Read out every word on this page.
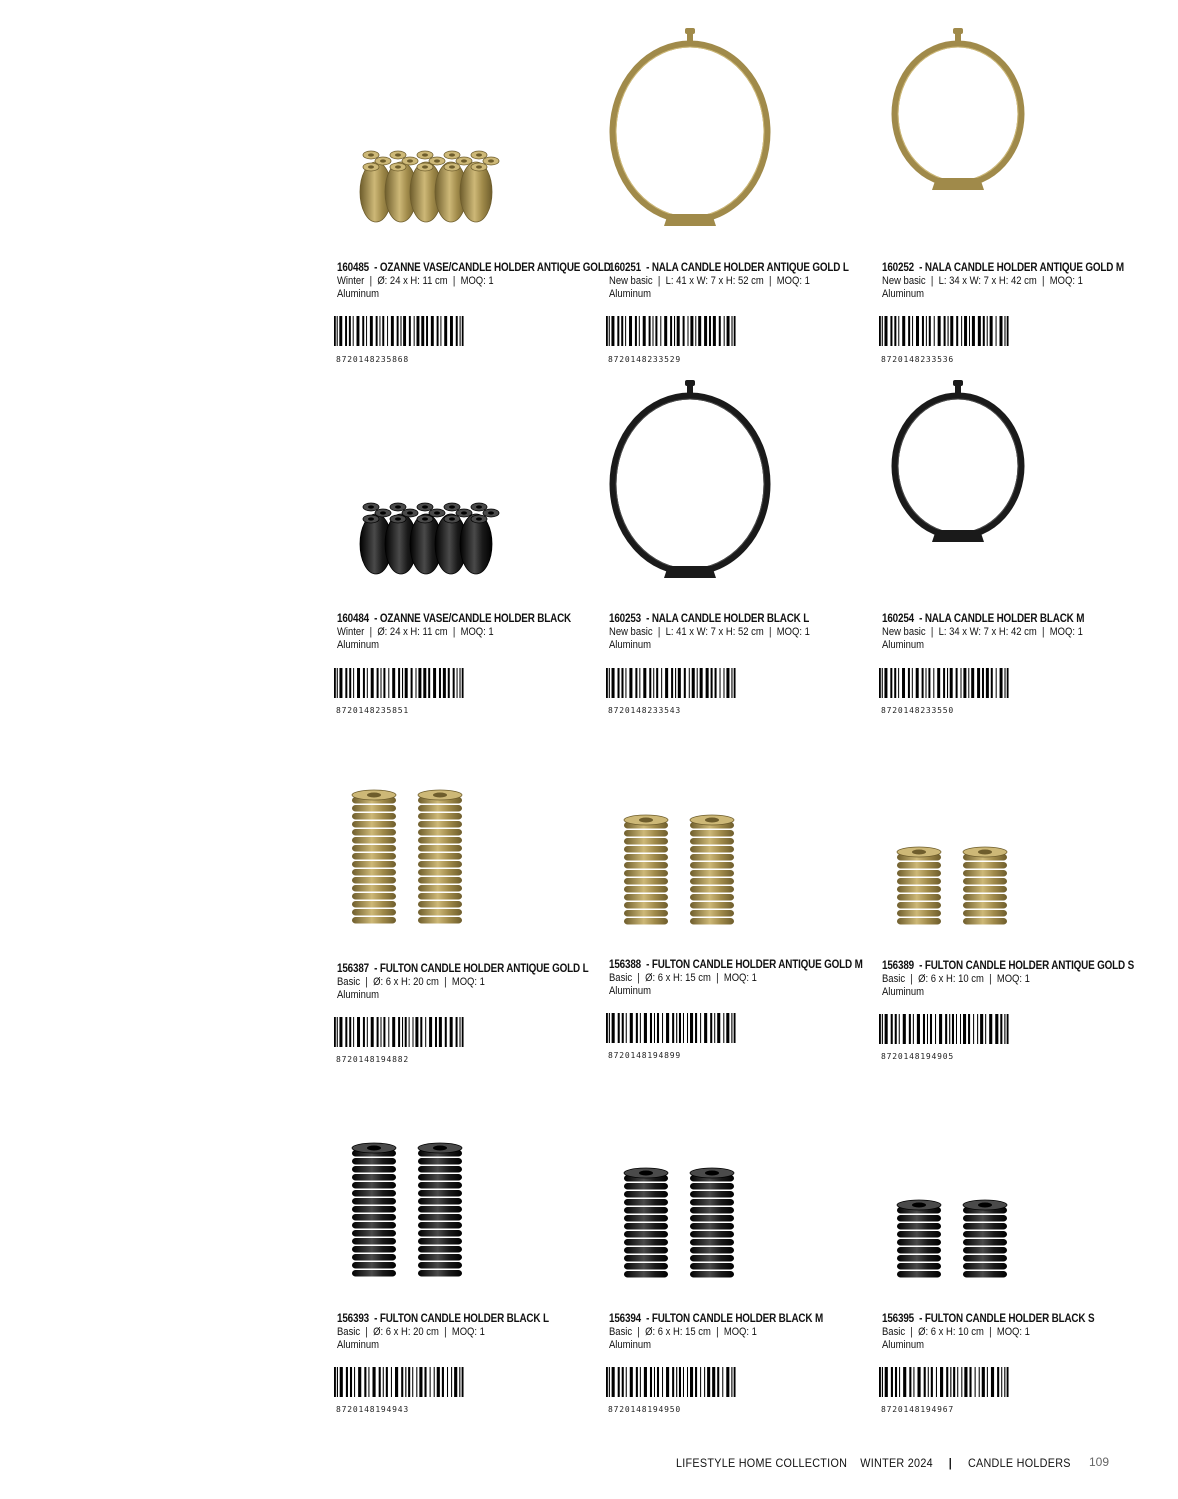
160485  - OZANNE VASE/CANDLE HOLDER ANTIQUE GOLD
Winter  |  Ø: 24 x H: 11 cm  |  MOQ: 1
Aluminum
8720148235868
160251  - NALA CANDLE HOLDER ANTIQUE GOLD L
New basic  |  L: 41 x W: 7 x H: 52 cm  |  MOQ: 1
Aluminum
8720148233529
160252  - NALA CANDLE HOLDER ANTIQUE GOLD M
New basic  |  L: 34 x W: 7 x H: 42 cm  |  MOQ: 1
Aluminum
8720148233536
160484  - OZANNE VASE/CANDLE HOLDER BLACK
Winter  |  Ø: 24 x H: 11 cm  |  MOQ: 1
Aluminum
8720148235851
160253  - NALA CANDLE HOLDER BLACK L
New basic  |  L: 41 x W: 7 x H: 52 cm  |  MOQ: 1
Aluminum
8720148233543
160254  - NALA CANDLE HOLDER BLACK M
New basic  |  L: 34 x W: 7 x H: 42 cm  |  MOQ: 1
Aluminum
8720148233550
156387  - FULTON CANDLE HOLDER ANTIQUE GOLD L
Basic  |  Ø: 6 x H: 20 cm  |  MOQ: 1
Aluminum
8720148194882
156388  - FULTON CANDLE HOLDER ANTIQUE GOLD M
Basic  |  Ø: 6 x H: 15 cm  |  MOQ: 1
Aluminum
8720148194899
156389  - FULTON CANDLE HOLDER ANTIQUE GOLD S
Basic  |  Ø: 6 x H: 10 cm  |  MOQ: 1
Aluminum
8720148194905
156393  - FULTON CANDLE HOLDER BLACK L
Basic  |  Ø: 6 x H: 20 cm  |  MOQ: 1
Aluminum
8720148194943
156394  - FULTON CANDLE HOLDER BLACK M
Basic  |  Ø: 6 x H: 15 cm  |  MOQ: 1
Aluminum
8720148194950
156395  - FULTON CANDLE HOLDER BLACK S
Basic  |  Ø: 6 x H: 10 cm  |  MOQ: 1
Aluminum
8720148194967
LIFESTYLE HOME COLLECTION WINTER 2024 | CANDLE HOLDERS 109
